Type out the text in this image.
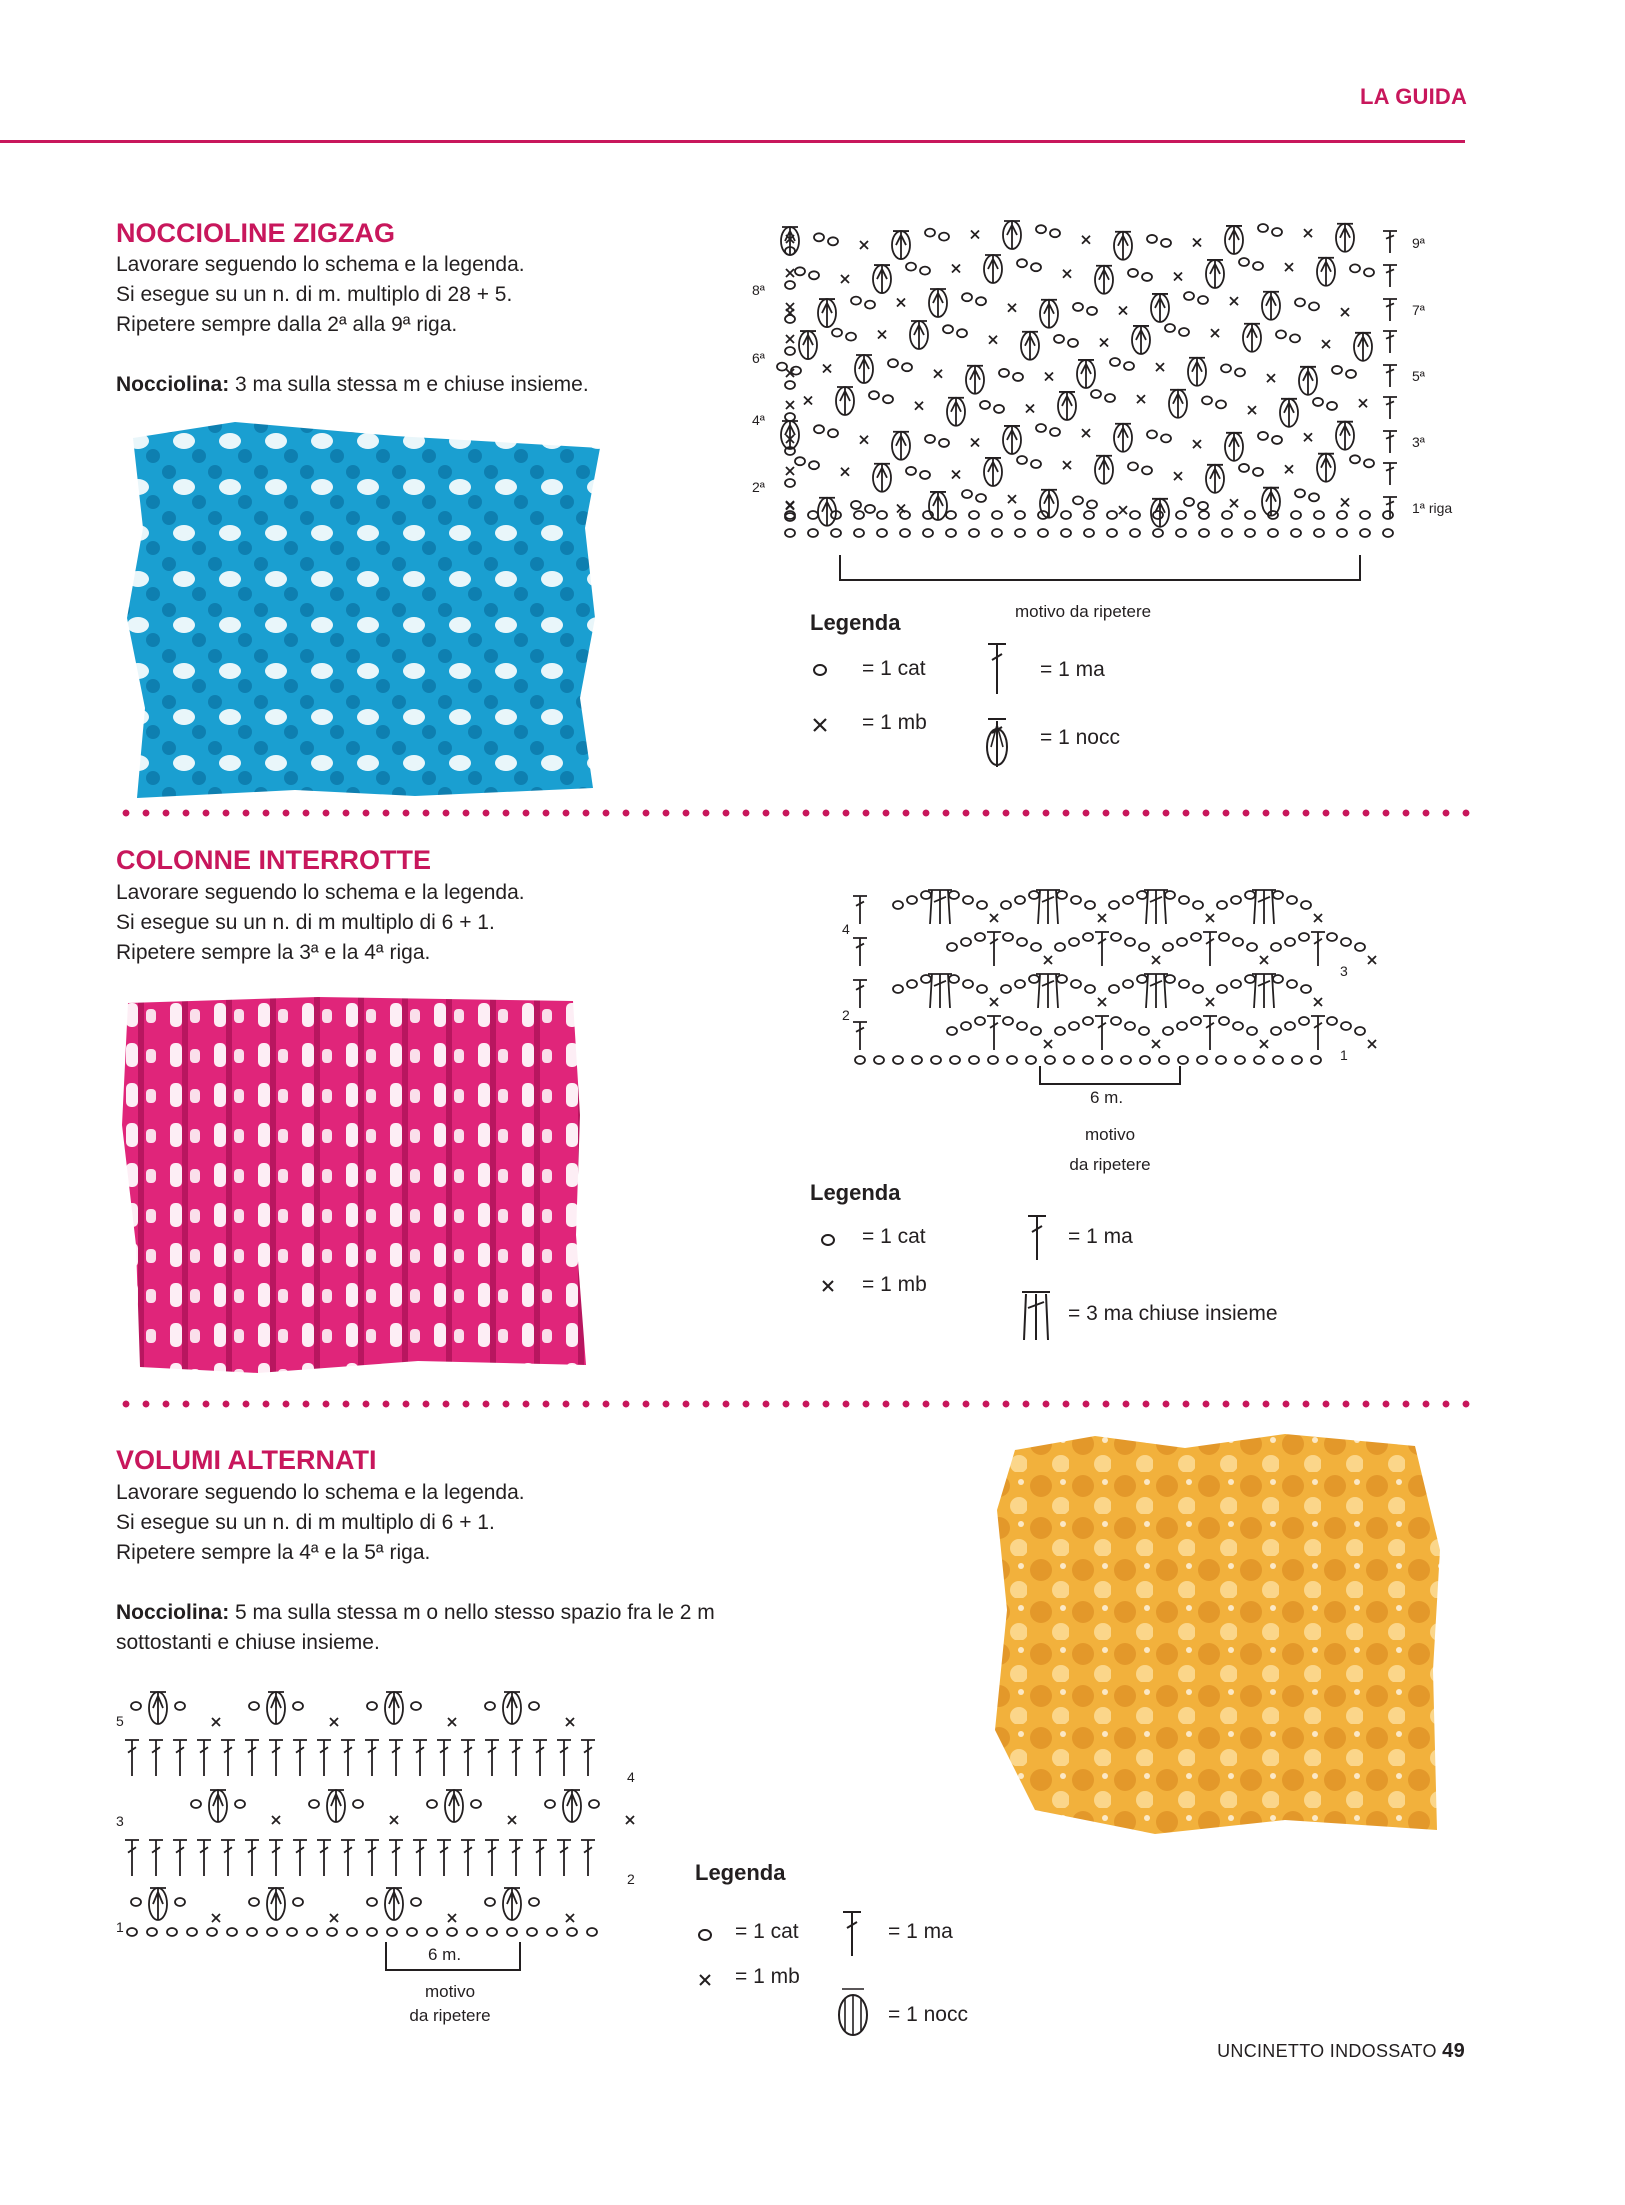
LA GUIDA
NOCCIOLINE ZIGZAG
Lavorare seguendo lo schema e la legenda.
Si esegue su un n. di m. multiplo di 28 + 5.
Ripetere sempre dalla 2ª alla 9ª riga.
Nocciolina: 3 ma sulla stessa m e chiuse insieme.
8ª
6ª
4ª
2ª
9ª
7ª
5ª
3ª
1ª riga
motivo da ripetere
Legenda
= 1 cat
= 1 mb
= 1 ma
= 1 nocc
COLONNE INTERROTTE
Lavorare seguendo lo schema e la legenda.
Si esegue su un n. di m multiplo di 6 + 1.
Ripetere sempre la 3ª e la 4ª riga.
4
2
3
1
6 m.
motivo
da ripetere
Legenda
= 1 cat
= 1 mb
= 1 ma
= 3 ma chiuse insieme
VOLUMI ALTERNATI
Lavorare seguendo lo schema e la legenda.
Si esegue su un n. di m multiplo di 6 + 1.
Ripetere sempre la 4ª e la 5ª riga.
Nocciolina: 5 ma sulla stessa m o nello stesso spazio fra le 2 m sottostanti e chiuse insieme.
5
3
1
4
2
6 m.
motivo
da ripetere
Legenda
= 1 cat
= 1 mb
= 1 ma
= 1 nocc
UNCINETTO INDOSSATO 49
